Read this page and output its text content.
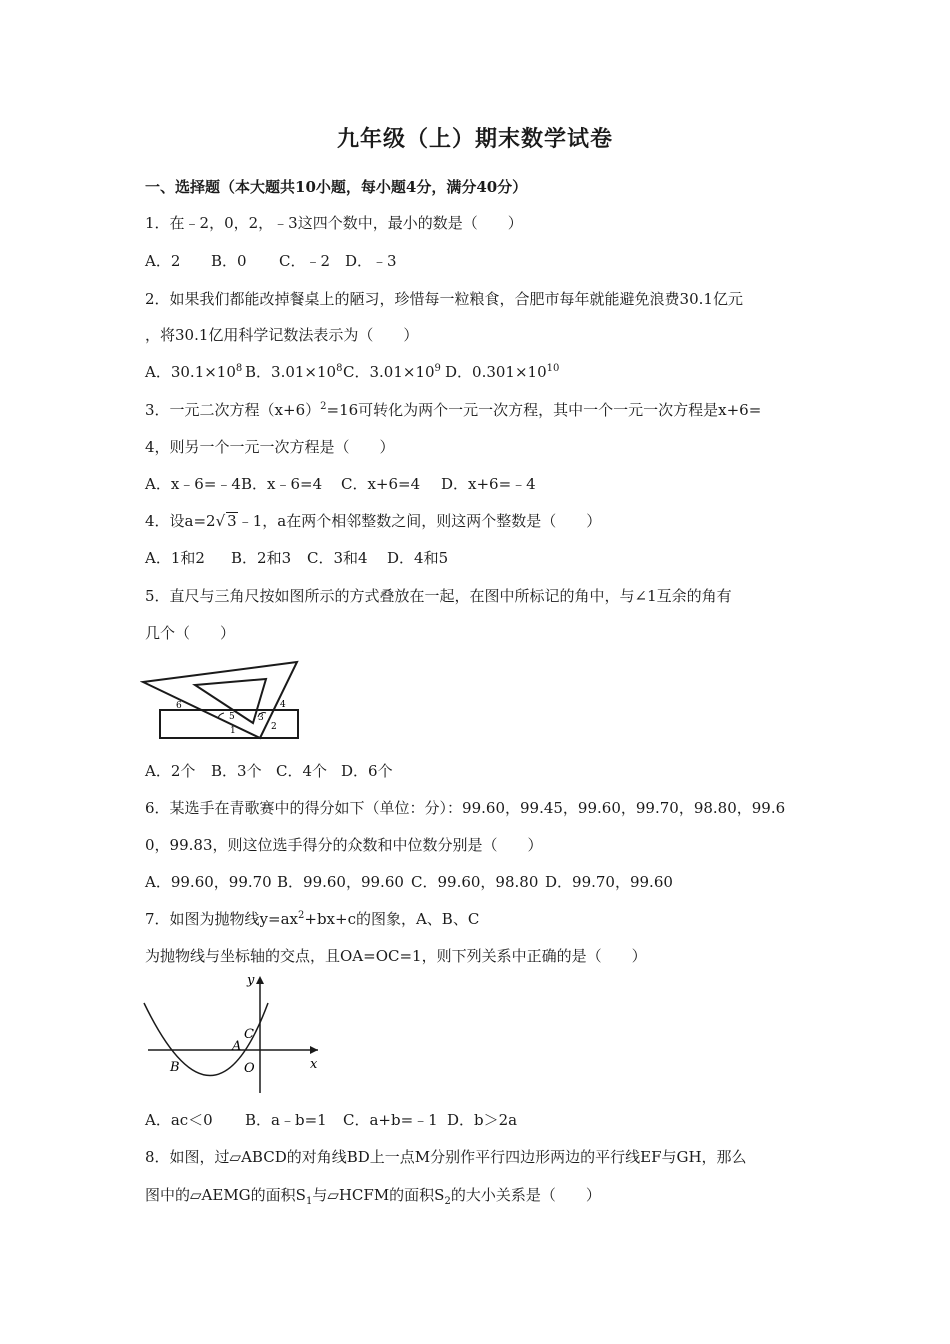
九年级（上）期末数学试卷
一、选择题（本大题共10小题，每小题4分，满分40分）
1．在﹣2，0，2，﹣3这四个数中，最小的数是（　　）
A．2 B．0 C．﹣2 D．﹣3
2．如果我们都能改掉餐桌上的陋习，珍惜每一粒粮食，合肥市每年就能避免浪费30.1亿元
，将30.1亿用科学记数法表示为（　　）
A．$30.1\times 10^8$ B．$3.01\times 10^8C$．$3.01\times 10^9$ D．$0.301\times 10^{10}$
3．一元二次方程$(x+6)^2=16$可转化为两个一元一次方程，其中一个一元一次方程是x+6=
4，则另一个一元一次方程是（　　）
A．x﹣6=﹣4B．x﹣6=4 C．x+6=4 D．x+6=﹣4
4．设a=2√ 3﹣1，a在两个相邻整数之间，则这两个整数是（　　）
A．1和2 B．2和3 C．3和4 D．4和5
5．直尺与三角尺按如图所示的方式叠放在一起，在图中所标记的角中，与∠1互余的角有
几个（　　）
6
5	3
4
2
1
A．2个 B．3个 C．4个 D．6个
6．某选手在青歌赛中的得分如下（单位：分）：99.60，99.45，99.60，99.70，98.80，99.6
0，99.83，则这位选手得分的众数和中位数分别是（　　）
A．99.60，99.70 B．99.60，99.60 C．99.60，98.80 D．99.70，99.60
7．如图为抛物线$y=ax^2+bx+c$的图象，A、B、C
为抛物线与坐标轴的交点，且OA=OC=1，则下列关系中正确的是（　　）
y
x
C
A
B	O
A．ac＜0 B．a﹣b=1 C．a+b=﹣1 D．b＞2a
8．如图，过▱ABCD的对角线BD上一点M分别作平行四边形两边的平行线EF与GH，那么
图中的▱AEMG的面积$S_1$与▱HCFM的面积$S_2$的大小关系是（　　）
